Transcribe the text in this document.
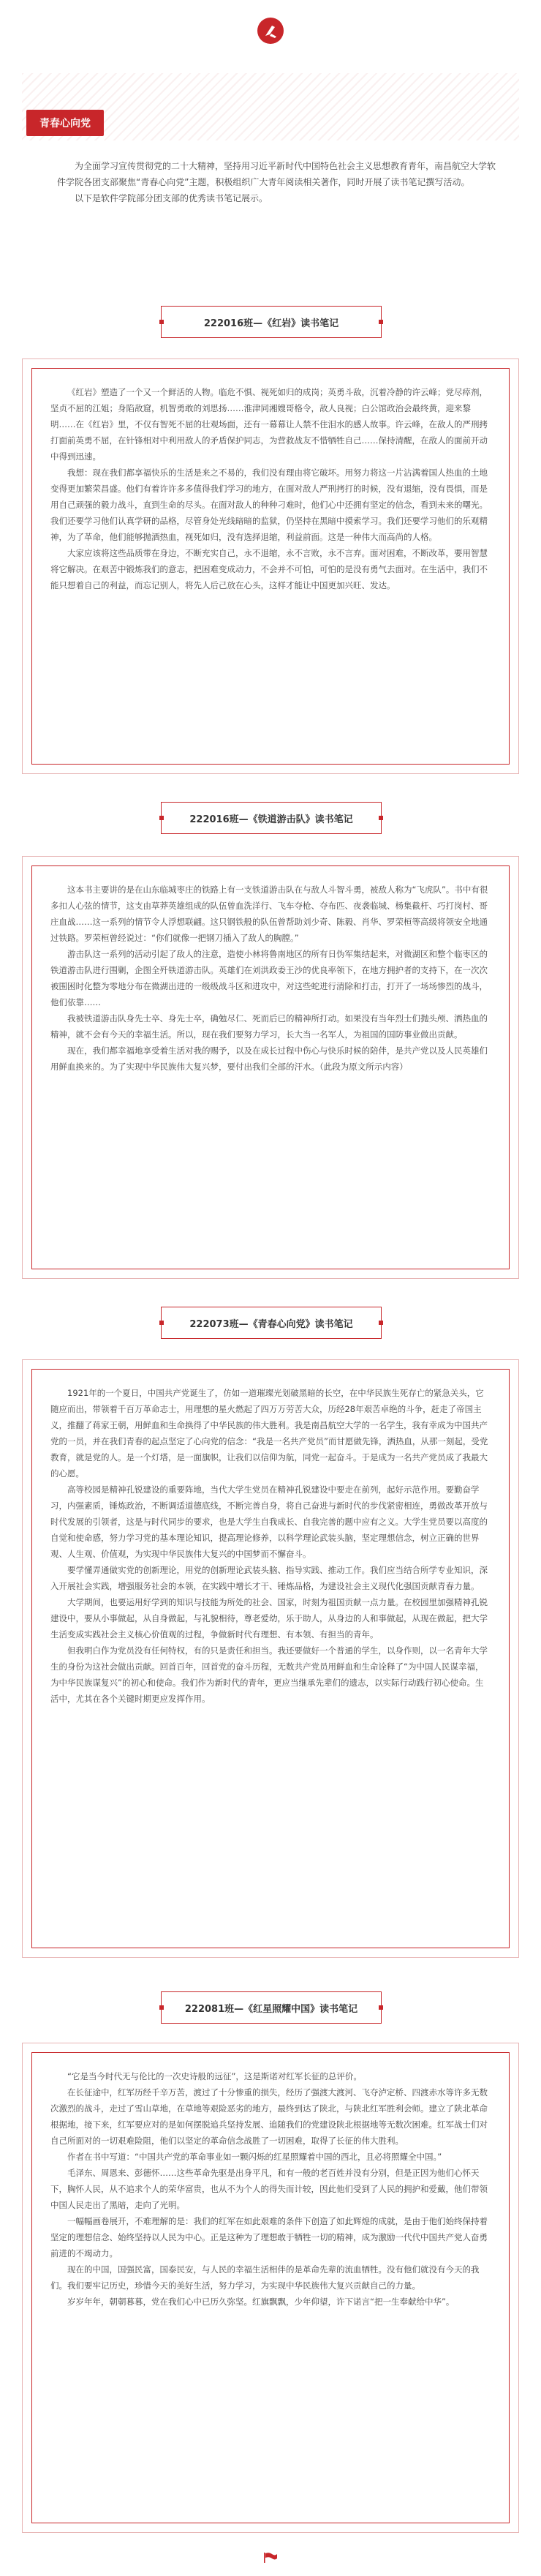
青春心向党

为全面学习宣传贯彻党的二十大精神，坚持用习近平新时代中国特色社会主义思想教育青年，南昌航空大学软件学院各团支部聚焦“青春心向党”主题，积极组织广大青年阅读相关著作，同时开展了读书笔记撰写活动。

以下是软件学院部分团支部的优秀读书笔记展示。

222016班—《红岩》读书笔记

《红岩》塑造了一个又一个鲜活的人物。临危不惧、视死如归的成岗；英勇斗敌，沉着冷静的许云峰；党尽瘁剂，坚贞不屈的江姐；身陷敌窟，机智勇敢的刘思扬……淮津同湘嫂哥格令，敌人良视；白公馆政治会最终黄，迎来黎明……在《红岩》里，不仅有智死不屈的壮观场面，还有一幕幕让人禁不住泪水的感人故事。许云峰，在敌人的严刑拷打面前英勇不屈，在针锋相对中利用敌人的矛盾保护同志，为营救战友不惜牺牲自己……保持清醒，在敌人的面前开动中得到迅速。

我想：现在我们都享福快乐的生活是来之不易的，我们没有理由将它破坏。用努力将这一片沾满着国人热血的土地变得更加繁荣昌盛。他们有着许许多多值得我们学习的地方，在面对敌人严刑拷打的时候，没有退缩，没有畏惧，而是用自己顽强的毅力战斗，直到生命的尽头。在面对敌人的种种刁难时，他们心中还拥有坚定的信念，看到未来的曙光。我们还要学习他们认真学研的品格，尽管身处光线暗暗的监狱，仍坚持在黑暗中摸索学习。我们还要学习他们的乐观精神，为了革命，他们能够抛洒热血，视死如归，没有选择退缩，利益前面。这是一种伟大而高尚的人格。

大家应该将这些品质带在身边，不断充实自己，永不退缩，永不言败，永不言弃。面对困难，不断改革，要用智慧将它解决。在艰苦中锻炼我们的意志，把困难变成动力，不会并不可怕，可怕的是没有勇气去面对。在生活中，我们不能只想着自己的利益，而忘记别人，将先人后己放在心头，这样才能让中国更加兴旺、发达。

222016班—《铁道游击队》读书笔记

这本书主要讲的是在山东临城枣庄的铁路上有一支铁道游击队在与敌人斗智斗勇，被敌人称为“飞虎队”。书中有很多扣人心弦的情节，这支由草莽英雄组成的队伍曾血洗洋行、飞车夺枪、夺布匹、夜袭临城、杨集截杆、巧打岗村、哥庄血战……这一系列的情节令人浮想联翩。这只钢铁般的队伍曾帮助刘少奇、陈毅、肖华、罗荣桓等高级将领安全地通过铁路。罗荣桓曾经说过：“你们就像一把钢刀插入了敌人的胸膛。”

游击队这一系列的活动引起了敌人的注意，造使小林将鲁南地区的所有日伪军集结起来，对微湖区和整个临枣区的铁道游击队进行围剿，企图全歼铁道游击队。英雄们在刘洪政委王沙的优良率领下，在地方拥护者的支持下，在一次次被围困时化整为零地分布在微湖出进的一级级战斗区和进攻中，对这些蛇进行清除和打击，打开了一场场惨烈的战斗，他们依靠……

我被铁道游击队身先士卒、身先士卒，确勉尽仁、死而后已的精神所打动。如果没有当年烈士们抛头颅、洒热血的精神，就不会有今天的幸福生活。所以，现在我们要努力学习，长大当一名军人，为祖国的国防事业做出贡献。

现在，我们都幸福地享受着生活对我的赐予，以及在成长过程中伤心与快乐时候的陪伴，是共产党以及人民英雄们用鲜血换来的。为了实现中华民族伟大复兴梦，要付出我们全部的汗水。（此段为原文所示内容）

222073班—《青春心向党》读书笔记

1921年的一个夏日，中国共产党诞生了，仿如一道璀璨光划破黑暗的长空，在中华民族生死存亡的紧急关头，它随应而出，带领着千百万革命志士，用理想的星火燃起了四万万劳苦大众，历经28年艰苦卓绝的斗争，赶走了帝国主义，推翻了蒋家王朝，用鲜血和生命换得了中华民族的伟大胜利。我是南昌航空大学的一名学生，我有幸成为中国共产党的一员，并在我们青春的起点坚定了心向党的信念：“我是一名共产党员”而甘愿做先锋，洒热血，从那一刻起，受党教育，就是党的人。是一个灯塔，是一面旗帜，让我们以信仰为航，同党一起奋斗。于是成为一名共产党员成了我最大的心愿。

高等校园是精神孔锐建设的重要阵地，当代大学生党员在精神孔锐建设中要走在前列，起好示范作用。要勤奋学习，内强素质，锤炼政治，不断调适道德底线，不断完善自身，将自己奋进与新时代的步伐紧密相连，勇做改革开放与时代发展的引领者，这是与时代同步的要求，也是大学生自我成长、自我完善的题中应有之义。大学生党员要以高度的自觉和使命感，努力学习党的基本理论知识，提高理论修养，以科学理论武装头脑，坚定理想信念，树立正确的世界观、人生观、价值观，为实现中华民族伟大复兴的中国梦而不懈奋斗。

要学懂弄通做实党的创新理论，用党的创新理论武装头脑、指导实践、推动工作。我们应当结合所学专业知识，深入开展社会实践，增强服务社会的本领，在实践中增长才干、锤炼品格，为建设社会主义现代化强国贡献青春力量。

大学期间，也要运用好学到的知识与技能为所处的社会、国家，时刻为祖国贡献一点力量。在校园里加强精神孔锐建设中，要从小事做起，从自身做起，与礼貌相待，尊老爱幼，乐于助人，从身边的人和事做起，从现在做起，把大学生活变成实践社会主义核心价值观的过程，争做新时代有理想、有本领、有担当的青年。

但我明白作为党员没有任何特权，有的只是责任和担当。我还要做好一个普通的学生，以身作则，以一名青年大学生的身份为这社会做出贡献。回首百年，回首党的奋斗历程，无数共产党员用鲜血和生命诠释了“为中国人民谋幸福，为中华民族谋复兴”的初心和使命。我们作为新时代的青年，更应当继承先辈们的遗志，以实际行动践行初心使命。生活中，尤其在各个关键时期更应发挥作用。

222081班—《红星照耀中国》读书笔记

“它是当今时代无与伦比的一次史诗般的远征”，这是斯诺对红军长征的总评价。

在长征途中，红军历经千辛万苦，渡过了十分惨重的损失，经历了强渡大渡河、飞夺泸定桥、四渡赤水等许多无数次激烈的战斗，走过了雪山草地，在草地等艰险恶劣的地方，最终到达了陕北，与陕北红军胜利会师。建立了陕北革命根据地，接下来，红军要应对的是如何摆脱追兵坚持发展、追随我们的党建设陕北根据地等无数次困难。红军战士们对自己所面对的一切艰难险阻，他们以坚定的革命信念战胜了一切困难，取得了长征的伟大胜利。

作者在书中写道：“中国共产党的革命事业如一颗闪烁的红星照耀着中国的西北，且必将照耀全中国。”

毛泽东、周恩来、彭德怀……这些革命先驱是出身平凡，和有一般的老百姓并没有分别，但是正因为他们心怀天下，胸怀人民，从不追求个人的荣华富贵，也从不为个人的得失而计较，因此他们受到了人民的拥护和爱戴，他们带领中国人民走出了黑暗，走向了光明。

一幅幅画卷展开，不难理解的是：我们的红军在如此艰难的条件下创造了如此辉煌的成就，是由于他们始终保持着坚定的理想信念、始终坚持以人民为中心。正是这种为了理想敢于牺牲一切的精神，成为激励一代代中国共产党人奋勇前进的不竭动力。

现在的中国，国强民富，国泰民安，与人民的幸福生活相伴的是革命先辈的流血牺牲。没有他们就没有今天的我们。我们要牢记历史，珍惜今天的美好生活，努力学习，为实现中华民族伟大复兴贡献自己的力量。

岁岁年年，朝朝暮暮，党在我们心中已历久弥坚。红旗飘飘，少年仰望，许下诺言“把一生奉献给中华”。
